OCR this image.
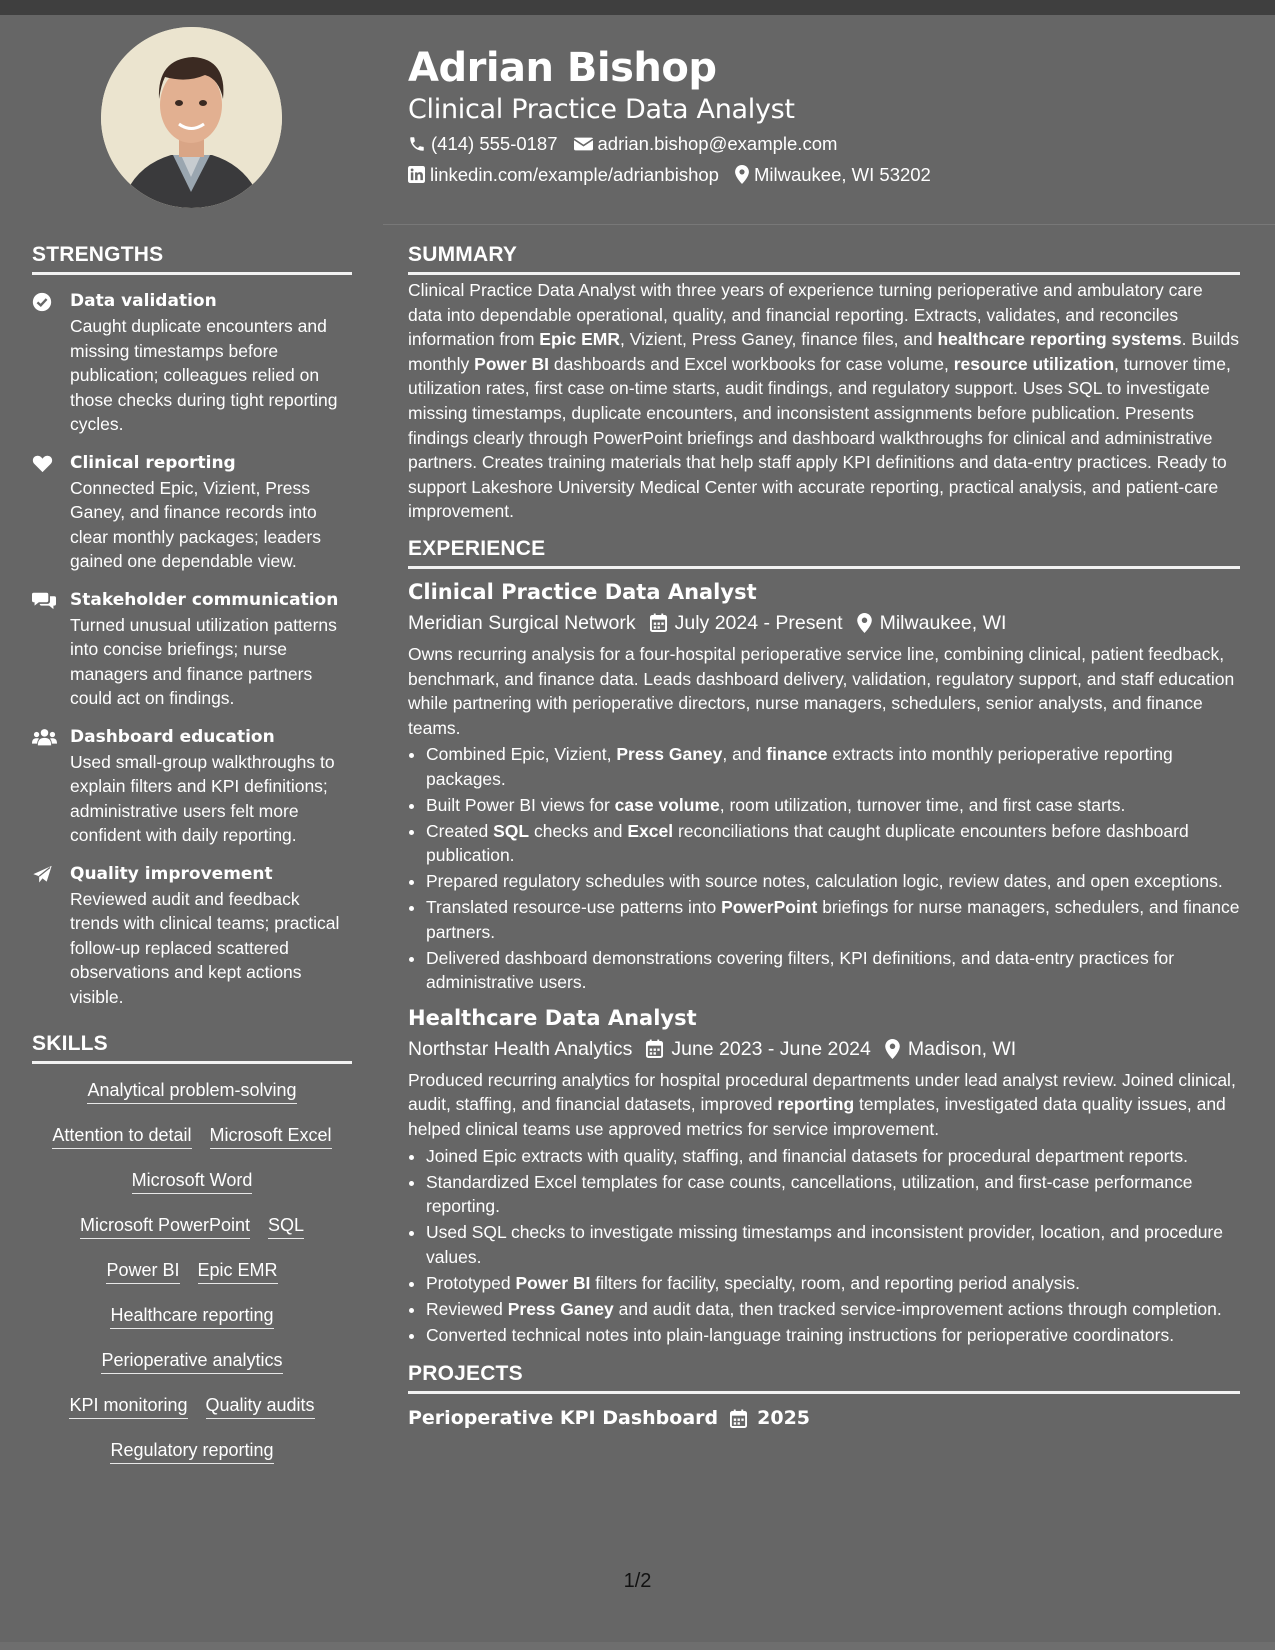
Adrian Bishop
Clinical Practice Data Analyst
(414) 555-0187 adrian.bishop@example.com
linkedin.com/example/adrianbishop Milwaukee, WI 53202
STRENGTHS
Data validation
Caught duplicate encounters and missing timestamps before publication; colleagues relied on those checks during tight reporting cycles.
Clinical reporting
Connected Epic, Vizient, Press Ganey, and finance records into clear monthly packages; leaders gained one dependable view.
Stakeholder communication
Turned unusual utilization patterns into concise briefings; nurse managers and finance partners could act on findings.
Dashboard education
Used small-group walkthroughs to explain filters and KPI definitions; administrative users felt more confident with daily reporting.
Quality improvement
Reviewed audit and feedback trends with clinical teams; practical follow-up replaced scattered observations and kept actions visible.
SKILLS
Analytical problem-solving
Attention to detail Microsoft Excel
Microsoft Word
Microsoft PowerPoint SQL
Power BI Epic EMR
Healthcare reporting
Perioperative analytics
KPI monitoring Quality audits
Regulatory reporting
SUMMARY
Clinical Practice Data Analyst with three years of experience turning perioperative and ambulatory care data into dependable operational, quality, and financial reporting. Extracts, validates, and reconciles information from Epic EMR, Vizient, Press Ganey, finance files, and healthcare reporting systems. Builds monthly Power BI dashboards and Excel workbooks for case volume, resource utilization, turnover time, utilization rates, first case on-time starts, audit findings, and regulatory support. Uses SQL to investigate missing timestamps, duplicate encounters, and inconsistent assignments before publication. Presents findings clearly through PowerPoint briefings and dashboard walkthroughs for clinical and administrative partners. Creates training materials that help staff apply KPI definitions and data-entry practices. Ready to support Lakeshore University Medical Center with accurate reporting, practical analysis, and patient-care improvement.
EXPERIENCE
Clinical Practice Data Analyst
Meridian Surgical Network July 2024 - Present Milwaukee, WI
Owns recurring analysis for a four-hospital perioperative service line, combining clinical, patient feedback, benchmark, and finance data. Leads dashboard delivery, validation, regulatory support, and staff education while partnering with perioperative directors, nurse managers, schedulers, senior analysts, and finance teams.
• Combined Epic, Vizient, Press Ganey, and finance extracts into monthly perioperative reporting packages.
• Built Power BI views for case volume, room utilization, turnover time, and first case starts.
• Created SQL checks and Excel reconciliations that caught duplicate encounters before dashboard publication.
• Prepared regulatory schedules with source notes, calculation logic, review dates, and open exceptions.
• Translated resource-use patterns into PowerPoint briefings for nurse managers, schedulers, and finance partners.
• Delivered dashboard demonstrations covering filters, KPI definitions, and data-entry practices for administrative users.
Healthcare Data Analyst
Northstar Health Analytics June 2023 - June 2024 Madison, WI
Produced recurring analytics for hospital procedural departments under lead analyst review. Joined clinical, audit, staffing, and financial datasets, improved reporting templates, investigated data quality issues, and helped clinical teams use approved metrics for service improvement.
• Joined Epic extracts with quality, staffing, and financial datasets for procedural department reports.
• Standardized Excel templates for case counts, cancellations, utilization, and first-case performance reporting.
• Used SQL checks to investigate missing timestamps and inconsistent provider, location, and procedure values.
• Prototyped Power BI filters for facility, specialty, room, and reporting period analysis.
• Reviewed Press Ganey and audit data, then tracked service-improvement actions through completion.
• Converted technical notes into plain-language training instructions for perioperative coordinators.
PROJECTS
Perioperative KPI Dashboard 2025
1/2
